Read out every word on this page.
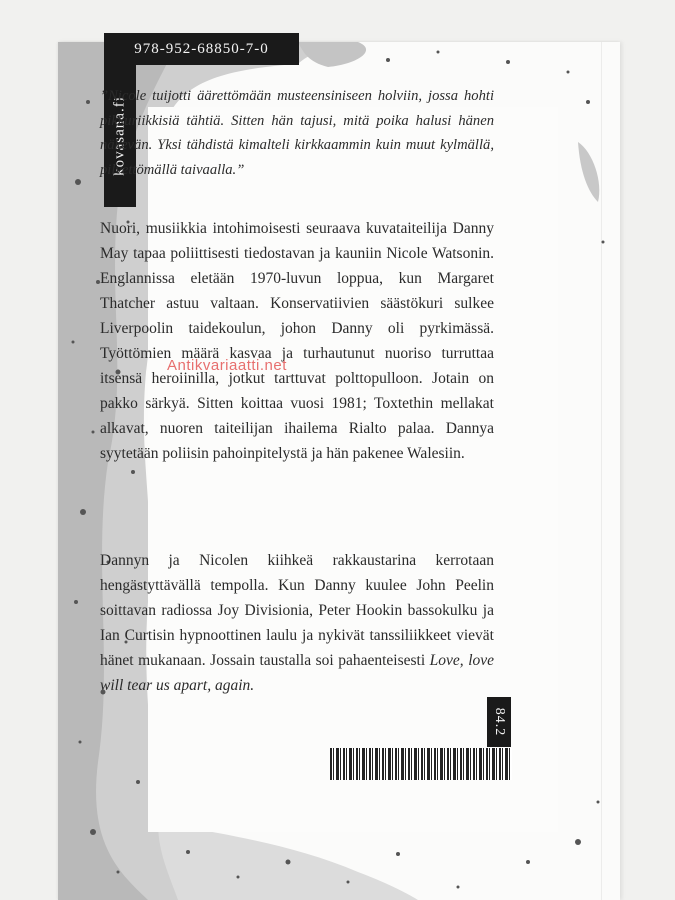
978-952-68850-7-0
kovasana.fi
”Nicole tuijotti äärettömään musteensiniseen holviin, jossa hohti pikkuriikkisiä tähtiä. Sitten hän tajusi, mitä poika halusi hänen näkevän. Yksi tähdistä kimalteli kirkkaammin kuin muut kylmällä, pilvettömällä taivaalla.”
Nuori, musiikkia intohimoisesti seuraava kuvataiteilija Danny May tapaa poliittisesti tiedostavan ja kauniin Nicole Watsonin. Englannissa eletään 1970-luvun loppua, kun Margaret Thatcher astuu valtaan. Konservatiivien säästökuri sulkee Liverpoolin taidekoulun, johon Danny oli pyrkimässä. Työttömien määrä kasvaa ja turhautunut nuoriso turruttaa itsensä heroiinilla, jotkut tarttuvat polttopulloon. Jotain on pakko särkyä. Sitten koittaa vuosi 1981; Toxtethin mellakat alkavat, nuoren taiteilijan ihailema Rialto palaa. Dannya syytetään poliisin pahoinpitelystä ja hän pakenee Walesiin.
Dannyn ja Nicolen kiihkeä rakkaustarina kerrotaan hengästyttävällä tempolla. Kun Danny kuulee John Peelin soittavan radiossa Joy Divisionia, Peter Hookin bassokulku ja Ian Curtisin hypnoottinen laulu ja nykivät tanssiliikkeet vievät hänet mukanaan. Jossain taustalla soi pahaenteisesti Love, love will tear us apart, again.
Antikvariaatti.net
84.2
